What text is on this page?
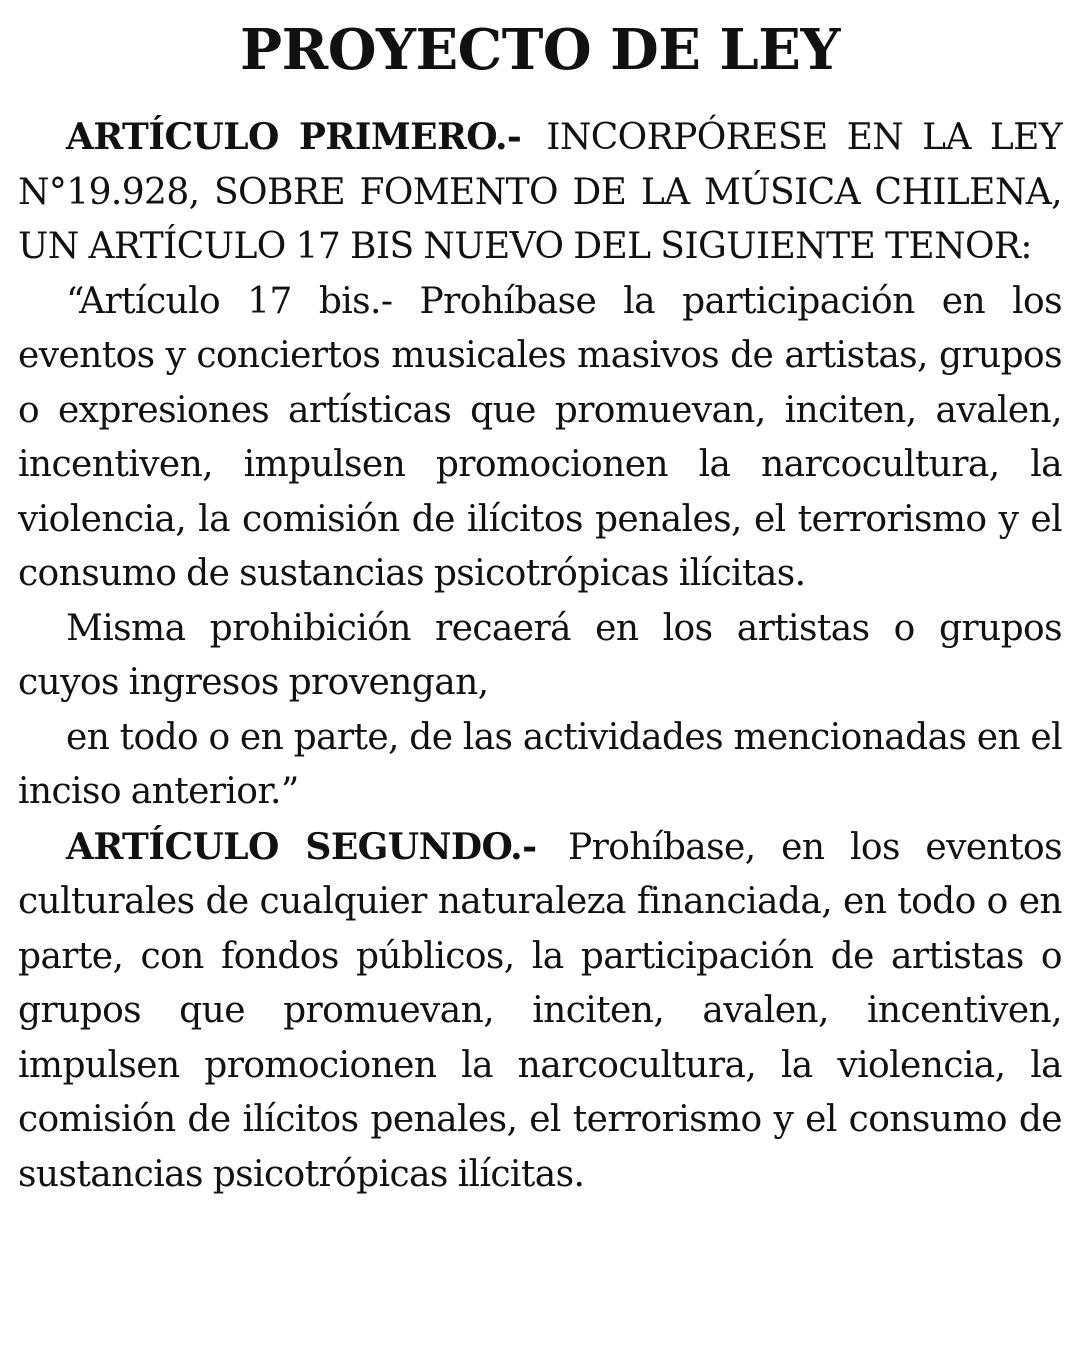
PROYECTO DE LEY

ARTÍCULO PRIMERO.- INCORPÓRESE EN LA LEY N°19.928, SOBRE FOMENTO DE LA MÚSICA CHILENA, UN ARTÍCULO 17 BIS NUEVO DEL SIGUIENTE TENOR:

“Artículo 17 bis.- Prohíbase la participación en los eventos y conciertos musicales masivos de artistas, grupos o expresiones artísticas que promuevan, inciten, avalen, incentiven, impulsen promocionen la narcocultura, la violencia, la comisión de ilícitos penales, el terrorismo y el consumo de sustancias psicotrópicas ilícitas.

Misma prohibición recaerá en los artistas o grupos cuyos ingresos provengan,

en todo o en parte, de las actividades mencionadas en el inciso anterior.”

ARTÍCULO SEGUNDO.- Prohíbase, en los eventos culturales de cualquier naturaleza financiada, en todo o en parte, con fondos públicos, la participación de artistas o grupos que promuevan, inciten, avalen, incentiven, impulsen promocionen la narcocultura, la violencia, la comisión de ilícitos penales, el terrorismo y el consumo de sustancias psicotrópicas ilícitas.
